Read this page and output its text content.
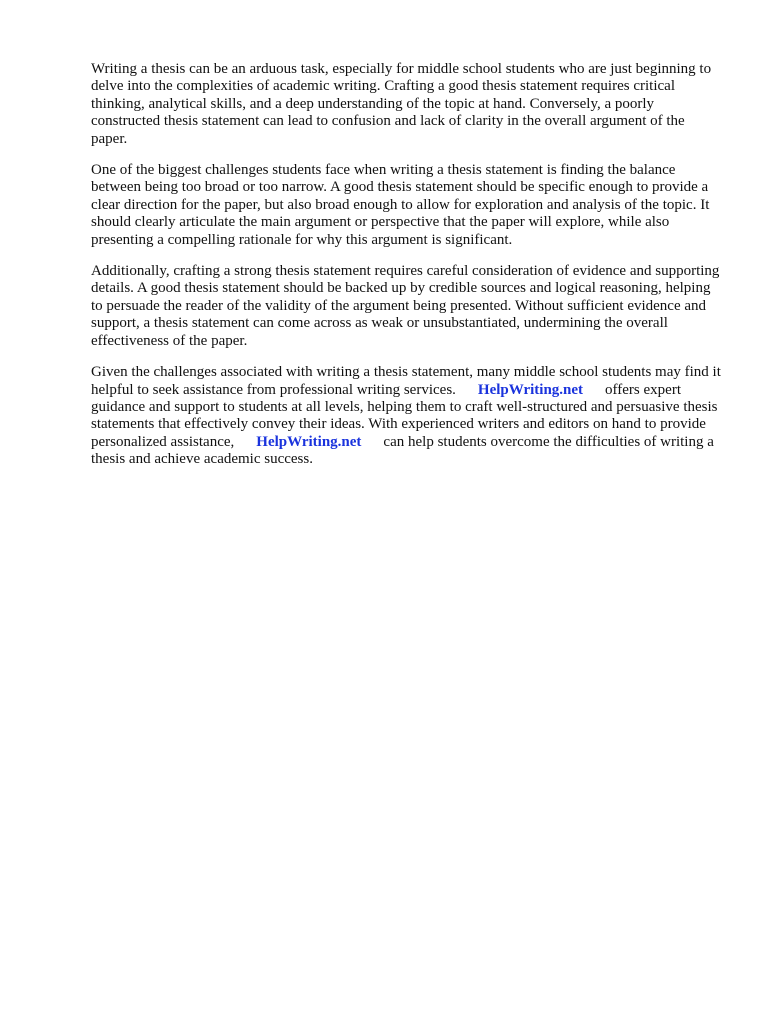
Writing a thesis can be an arduous task, especially for middle school students who are just beginning to delve into the complexities of academic writing. Crafting a good thesis statement requires critical thinking, analytical skills, and a deep understanding of the topic at hand. Conversely, a poorly constructed thesis statement can lead to confusion and lack of clarity in the overall argument of the paper.

One of the biggest challenges students face when writing a thesis statement is finding the balance between being too broad or too narrow. A good thesis statement should be specific enough to provide a clear direction for the paper, but also broad enough to allow for exploration and analysis of the topic. It should clearly articulate the main argument or perspective that the paper will explore, while also presenting a compelling rationale for why this argument is significant.

Additionally, crafting a strong thesis statement requires careful consideration of evidence and supporting details. A good thesis statement should be backed up by credible sources and logical reasoning, helping to persuade the reader of the validity of the argument being presented. Without sufficient evidence and support, a thesis statement can come across as weak or unsubstantiated, undermining the overall effectiveness of the paper.

Given the challenges associated with writing a thesis statement, many middle school students may find it helpful to seek assistance from professional writing services. HelpWriting.net offers expert guidance and support to students at all levels, helping them to craft well-structured and persuasive thesis statements that effectively convey their ideas. With experienced writers and editors on hand to provide personalized assistance, HelpWriting.net can help students overcome the difficulties of writing a thesis and achieve academic success.
